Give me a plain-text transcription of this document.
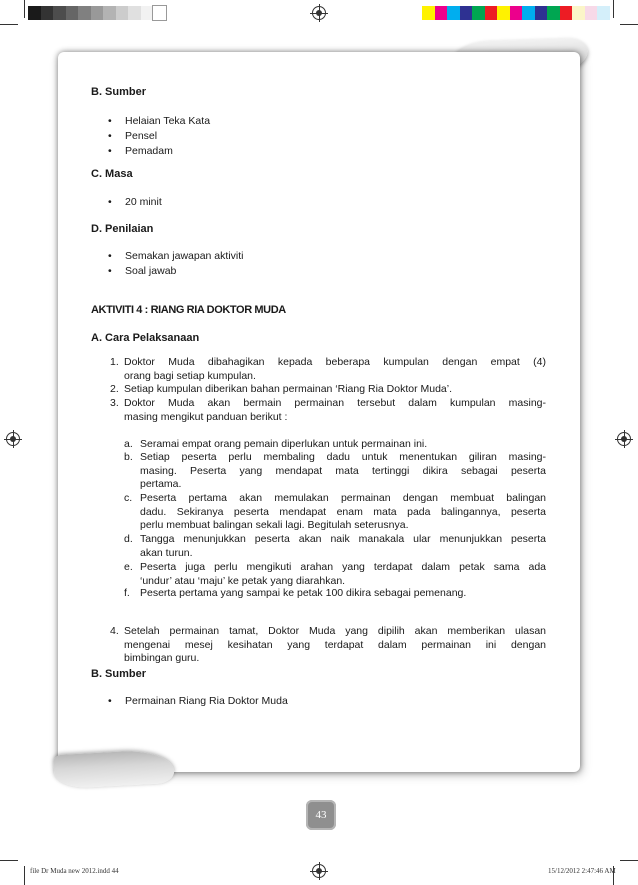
B. Sumber
• Helaian Teka Kata
• Pensel
• Pemadam
C. Masa
• 20 minit
D. Penilaian
• Semakan jawapan aktiviti
• Soal jawab
AKTIVITI 4 : RIANG RIA DOKTOR MUDA
A. Cara Pelaksanaan
1. Doktor Muda dibahagikan kepada beberapa kumpulan dengan empat (4)
orang bagi setiap kumpulan.
2. Setiap kumpulan diberikan bahan permainan ‘Riang Ria Doktor Muda’.
3. Doktor Muda akan bermain permainan tersebut dalam kumpulan masing-
masing mengikut panduan berikut :
a. Seramai empat orang pemain diperlukan untuk permainan ini.
b. Setiap peserta perlu membaling dadu untuk menentukan giliran masing-
masing. Peserta yang mendapat mata tertinggi dikira sebagai peserta
pertama.
c. Peserta pertama akan memulakan permainan dengan membuat balingan
dadu. Sekiranya peserta mendapat enam mata pada balingannya, peserta
perlu membuat balingan sekali lagi. Begitulah seterusnya.
d. Tangga menunjukkan peserta akan naik manakala ular menunjukkan peserta
akan turun.
e. Peserta juga perlu mengikuti arahan yang terdapat dalam petak sama ada
‘undur’ atau ‘maju’ ke petak yang diarahkan.
f. Peserta pertama yang sampai ke petak 100 dikira sebagai pemenang.
4. Setelah permainan tamat, Doktor Muda yang dipilih akan memberikan ulasan
mengenai mesej kesihatan yang terdapat dalam permainan ini dengan
bimbingan guru.
B. Sumber
• Permainan Riang Ria Doktor Muda
43
file Dr Muda new 2012.indd 44	15/12/2012 2:47:46 AM
